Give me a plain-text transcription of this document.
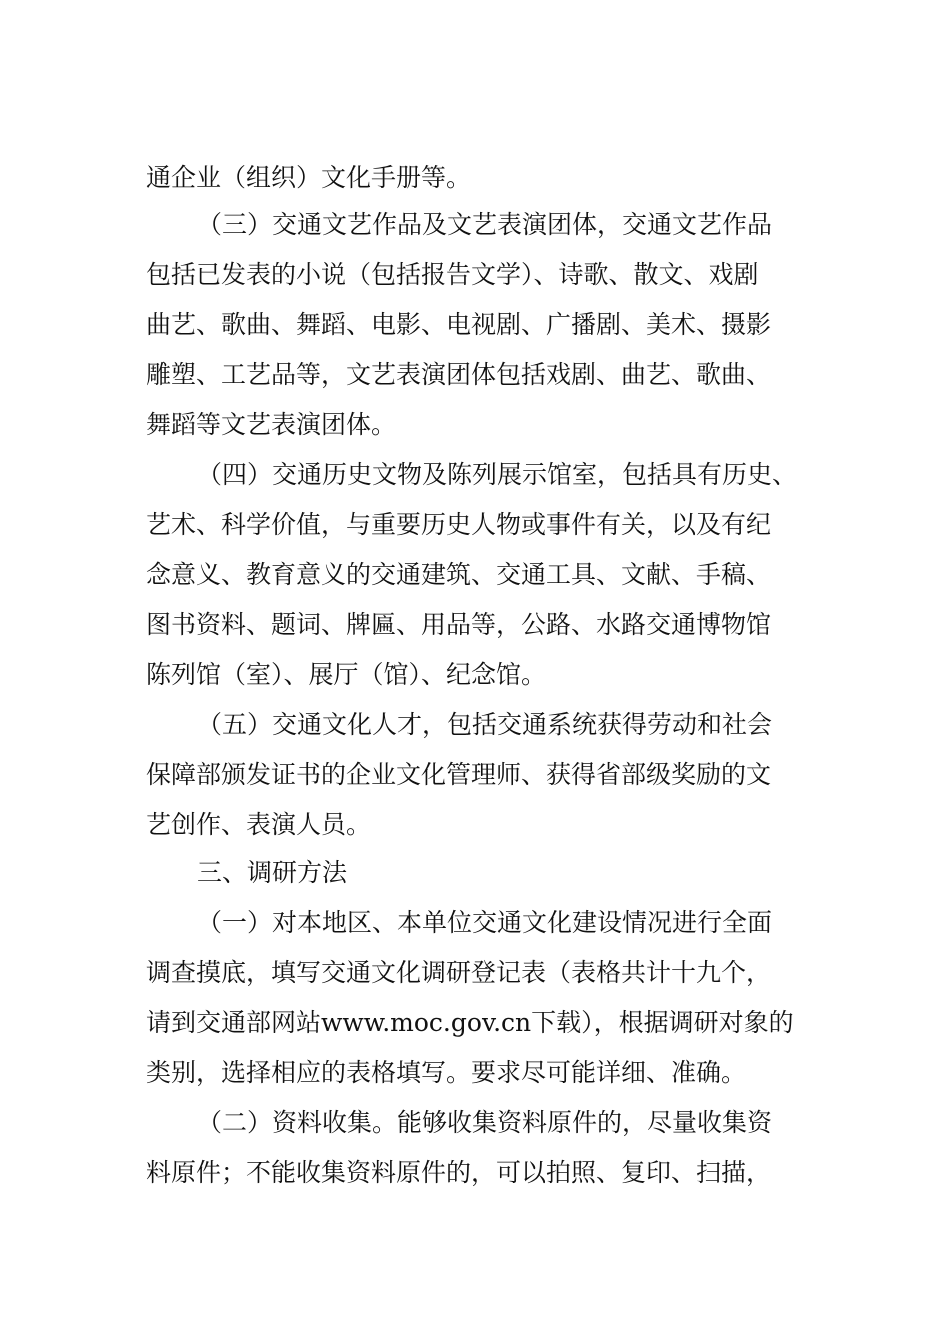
通企业（组织）文化手册等。
（三）交通文艺作品及文艺表演团体，交通文艺作品
包括已发表的小说（包括报告文学）、诗歌、散文、戏剧
曲艺、歌曲、舞蹈、电影、电视剧、广播剧、美术、摄影
雕塑、工艺品等，文艺表演团体包括戏剧、曲艺、歌曲、
舞蹈等文艺表演团体。
（四）交通历史文物及陈列展示馆室，包括具有历史、
艺术、科学价值，与重要历史人物或事件有关，以及有纪
念意义、教育意义的交通建筑、交通工具、文献、手稿、
图书资料、题词、牌匾、用品等，公路、水路交通博物馆
陈列馆（室）、展厅（馆）、纪念馆。
（五）交通文化人才，包括交通系统获得劳动和社会
保障部颁发证书的企业文化管理师、获得省部级奖励的文
艺创作、表演人员。
三、调研方法
（一）对本地区、本单位交通文化建设情况进行全面
调查摸底，填写交通文化调研登记表（表格共计十九个，
请到交通部网站www.moc.gov.cn下载），根据调研对象的
类别，选择相应的表格填写。要求尽可能详细、准确。
（二）资料收集。能够收集资料原件的，尽量收集资
料原件；不能收集资料原件的，可以拍照、复印、扫描，
